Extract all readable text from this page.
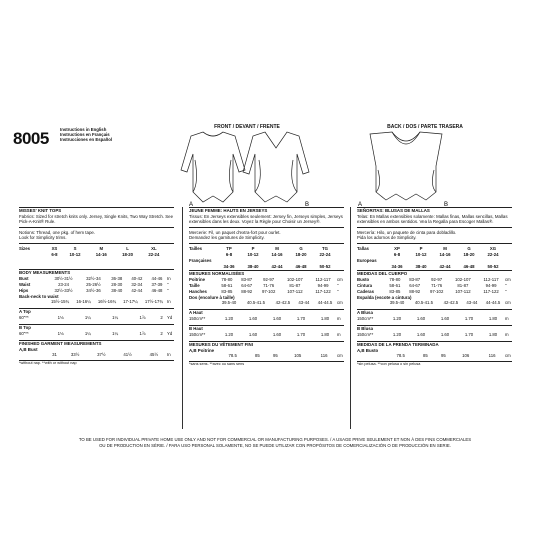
8005	Instructions in English
Instructions en Français
Instrucciones en Español
FRONT / DEVANT / FRENTE
A	B
BACK / DOS / PARTE TRASERA
A	B
MISSES' KNIT TOPS

Fabrics: Sized for stretch knits only. Jersey, Single Knits, Two Way Stretch. See Pick-A-Knit® Rule.

Notions: Thread, one pkg. of hem tape.

Look for Simplicity trims.

Sizes	XS	S	M	L	XL	
	6-8	10-12	14-16	18-20	22-24	
BODY MEASUREMENTS
Bust	30½-31½	32½-34	36-38	40-42	44-46	In
Waist	23-24	25-26½	28-30	32-34	37-39	"
Hips	32½-33½	34½-36	38-40	42-44	46-48	"
Back-neck to waist
	15½-15¾	16-16¼	16½-16¾	17-17¼	17½-17¾	In
A Top						
60"**	1⅛	1¼	1¼	1⅞	2	Yd
B Top						
60"**	1⅛	1¼	1¼	1⅞	2	Yd
FINISHED GARMENT MEASUREMENTS
A,B Bust
	31	33½	37½	41½	45½	In
*without nap. **with or without nap
JEUNE FEMME: HAUTS EN JERSEYS

Tissus: En Jerseys extensibles seulement: Jersey fin, Jerseys simples, Jerseys extensibles dans les deux. Voyez la Règle pour Choisir un Jersey®.

Mercerie: Fil, un paquet d'extra-fort pour ourlet.

Demandez les garnitures de Simplicity.

Tailles	TP	P	M	G	TG	
	6-8	10-12	14-16	18-20	22-24	
Françaises						
	34-36	38-40	42-44	46-48	50-52	
MESURES NORMALISÉES
Poitrine	78-80	83-87	92-97	102-107	112-117	cm
Taille	58-61	64-67	71-76	81-87	94-99	"
Hanches	83-85	88-92	97-102	107-112	117-122	"
Dos (encolure à taille)
	39.5-40	40.5-41.5	42-42.5	43-44	44-44.5	cm
A Haut						
150cm**	1.20	1.60	1.60	1.70	1.80	m
B Haut						
150cm**	1.20	1.60	1.60	1.70	1.80	m
MESURES DU VÊTEMENT FINI
A,B Poitrine
	78.5	85	95	105	116	cm
*sans sens. **avec ou sans sens
SEÑORITAS: BLUSAS DE MALLAS

Telas: En Mallas extensibles solamente: Mallas finas, Mallas sencillas, Mallas extensibles en ambos sentidos. Vea la Regalla para Escoger Mallas®.

Mercería: Hilo, un paquete de cinta para dobladillo.

Pida los adornos de Simplicity.

Tallas	XP	P	M	G	XG	
	6-8	10-12	14-16	18-20	22-24	
Europeas						
	34-36	38-40	42-44	46-48	50-52	
MEDIDAS DEL CUERPO
Busto	78-80	83-87	92-97	102-107	112-117	cm
Cintura	58-61	64-67	71-76	81-87	94-99	"
Caderas	83-85	88-92	97-102	107-112	117-122	"
Espalda (escote a cintura)
	39.5-40	40.5-41.5	42-42.5	43-44	44-44.5	cm
A Blusa						
150cm**	1.20	1.60	1.60	1.70	1.80	m
B Blusa						
150cm**	1.20	1.60	1.60	1.70	1.80	m
MEDIDAS DE LA PRENDA TERMINADA
A,B Busto
	78.5	85	95	106	116	cm
*sin pelusa. **con pelusa o sin pelusa
TO BE USED FOR INDIVIDUAL PRIVATE HOME USE ONLY AND NOT FOR COMMERCIAL OR MANUFACTURING PURPOSES. / A USAGE PRIVE SEULEMENT ET NON À DES FINS COMMERCIALES
OU DE PRODUCTION EN SÉRIE. / PARA USO PERSONAL SOLAMENTE, NO SE PUEDE UTILIZAR CON PROPÓSITOS DE COMERCIALIZACIÓN O DE PRODUCCIÓN EN SERIE.
